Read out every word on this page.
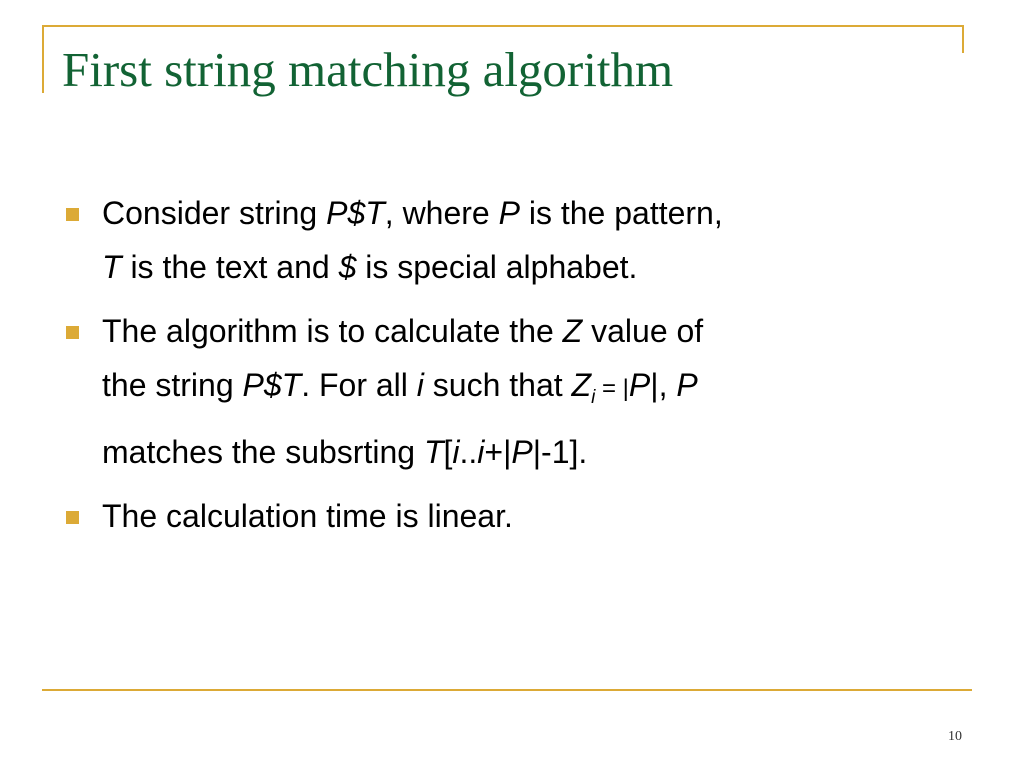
First string matching algorithm
Consider string P$T, where P is the pattern,
T is the text and $ is special alphabet.
The algorithm is to calculate the Z value of
the string P$T. For all i such that $Z_i = |P|$, P
matches the subsrting T[i..i+|P|-1].
The calculation time is linear.
10
